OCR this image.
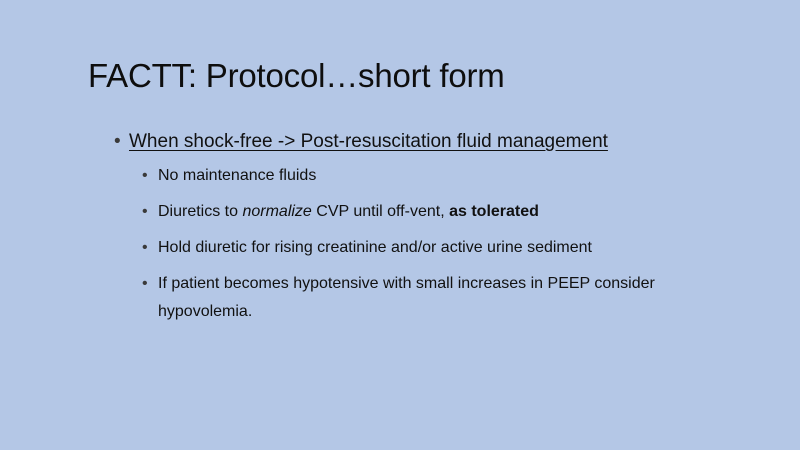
FACTT: Protocol…short form
• When shock-free -> Post-resuscitation fluid management
• No maintenance fluids
• Diuretics to normalize CVP until off-vent, as tolerated
• Hold diuretic for rising creatinine and/or active urine sediment
• If patient becomes hypotensive with small increases in PEEP consider hypovolemia.
